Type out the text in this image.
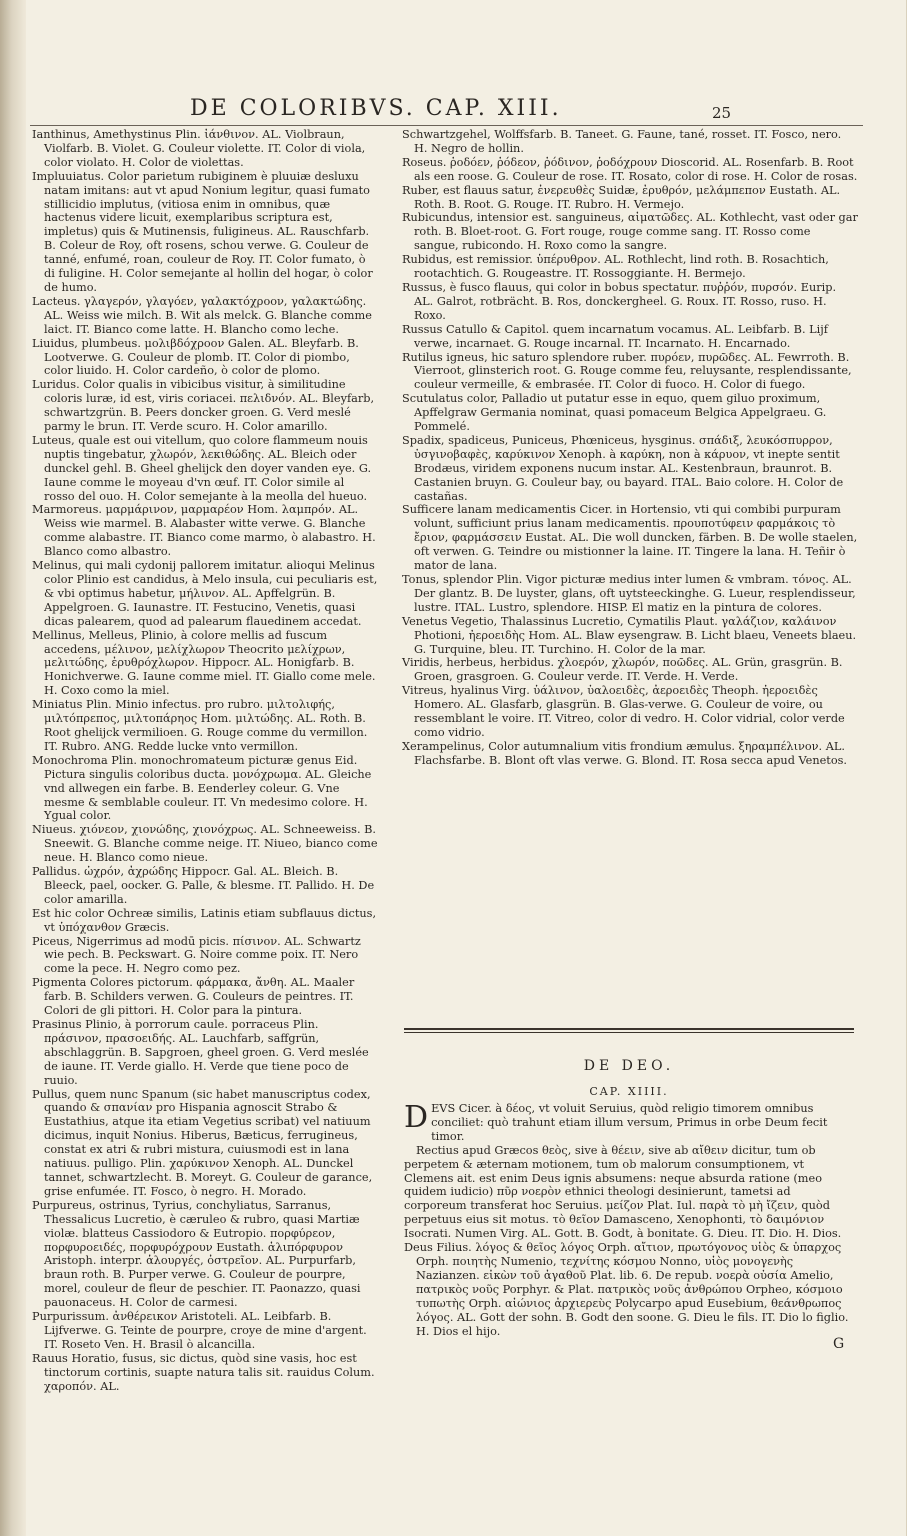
DE COLORIBVS. CAP. XIII.	25

Ianthinus, Amethystinus Plin. ἰάνθινον. AL. Violbraun, Violfarb. B. Violet. G. Couleur violette. IT. Color di viola, color violato. H. Color de violettas.

Impluuiatus. Color parietum rubiginem è pluuiæ desluxu natam imitans: aut vt apud Nonium legitur, quasi fumato stillicidio implutus, (vitiosa enim in omnibus, quæ hactenus videre licuit, exemplaribus scriptura est, impletus) quis & Mutinensis, fuligineus. AL. Rauschfarb. B. Coleur de Roy, oft rosens, schou verwe. G. Couleur de tanné, enfumé, roan, couleur de Roy. IT. Color fumato, ò di fuligine. H. Color semejante al hollin del hogar, ò color de humo.

Lacteus. γλαγερόν, γλαγόεν, γαλακτόχροον, γαλακτώδης. AL. Weiss wie milch. B. Wit als melck. G. Blanche comme laict. IT. Bianco come latte. H. Blancho como leche.

Liuidus, plumbeus. μολιβδόχροον Galen. AL. Bleyfarb. B. Lootverwe. G. Couleur de plomb. IT. Color di piombo, color liuido. H. Color cardeño, ò color de plomo.

Luridus. Color qualis in vibicibus visitur, à similitudine coloris luræ, id est, viris coriacei. πελιδνόν. AL. Bleyfarb, schwartzgrün. B. Peers doncker groen. G. Verd meslé parmy le brun. IT. Verde scuro. H. Color amarillo.

Luteus, quale est oui vitellum, quo colore flammeum nouis nuptis tingebatur, χλωρόν, λεκιθώδης. AL. Bleich oder dunckel gehl. B. Gheel ghelijck den doyer vanden eye. G. Iaune comme le moyeau d'vn œuf. IT. Color simile al rosso del ouo. H. Color semejante à la meolla del hueuo.

Marmoreus. μαρμάρινον, μαρμαρέον Hom. λαμπρόν. AL. Weiss wie marmel. B. Alabaster witte verwe. G. Blanche comme alabastre. IT. Bianco come marmo, ò alabastro. H. Blanco como albastro.

Melinus, qui mali cydonij pallorem imitatur. alioqui Melinus color Plinio est candidus, à Melo insula, cui peculiaris est, & vbi optimus habetur, μήλινον. AL. Apffelgrün. B. Appelgroen. G. Iaunastre. IT. Festucino, Venetis, quasi dicas palearem, quod ad palearum flauedinem accedat.

Mellinus, Melleus, Plinio, à colore mellis ad fuscum accedens, μέλινον, μελίχλωρον Theocrito μελίχρων, μελιτώδης, ἐρυθρόχλωρον. Hippocr. AL. Honigfarb. B. Honichverwe. G. Iaune comme miel. IT. Giallo come mele. H. Coxo como la miel.

Miniatus Plin. Minio infectus. pro rubro. μιλτολιφής, μιλτόπρεπος, μιλτοπάρηος Hom. μιλτώδης. AL. Roth. B. Root ghelijck vermilioen. G. Rouge comme du vermillon. IT. Rubro. ANG. Redde lucke vnto vermillon.

Monochroma Plin. monochromateum picturæ genus Eid. Pictura singulis coloribus ducta. μονόχρωμα. AL. Gleiche vnd allwegen ein farbe. B. Eenderley coleur. G. Vne mesme & semblable couleur. IT. Vn medesimo colore. H. Ygual color.

Niueus. χιόνεον, χιονώδης, χιονόχρως. AL. Schneeweiss. B. Sneewit. G. Blanche comme neige. IT. Niueo, bianco come neue. H. Blanco como nieue.

Pallidus. ὠχρόν, ἀχρώδης Hippocr. Gal. AL. Bleich. B. Bleeck, pael, oocker. G. Palle, & blesme. IT. Pallido. H. De color amarilla.

Est hic color Ochreæ similis, Latinis etiam subflauus dictus, vt ὑπόχανθον Græcis.

Piceus, Nigerrimus ad modū picis. πίσινον. AL. Schwartz wie pech. B. Peckswart. G. Noire comme poix. IT. Nero come la pece. H. Negro como pez.

Pigmenta Colores pictorum. φάρμακα, ἄνθη. AL. Maaler farb. B. Schilders verwen. G. Couleurs de peintres. IT. Colori de gli pittori. H. Color para la pintura.

Prasinus Plinio, à porrorum caule. porraceus Plin. πράσινον, πρασοειδής. AL. Lauchfarb, saffgrün, abschlaggrün. B. Sapgroen, gheel groen. G. Verd meslée de iaune. IT. Verde giallo. H. Verde que tiene poco de ruuio.

Pullus, quem nunc Spanum (sic habet manuscriptus codex, quando & σπανίαν pro Hispania agnoscit Strabo & Eustathius, atque ita etiam Vegetius scribat) vel natiuum dicimus, inquit Nonius. Hiberus, Bæticus, ferrugineus, constat ex atri & rubri mistura, cuiusmodi est in lana natiuus. pulligo. Plin. χαρύκινον Xenoph. AL. Dunckel tannet, schwartzlecht. B. Moreyt. G. Couleur de garance, grise enfumée. IT. Fosco, ò negro. H. Morado.

Purpureus, ostrinus, Tyrius, conchyliatus, Sarranus, Thessalicus Lucretio, è cæruleo & rubro, quasi Martiæ violæ. blatteus Cassiodoro & Eutropio. πορφύρεον, πορφυροειδές, πορφυρόχρουν Eustath. ἁλιπόρφυρον Aristoph. interpr. ἁλουργές, ὀστρεῖον. AL. Purpurfarb, braun roth. B. Purper verwe. G. Couleur de pourpre, morel, couleur de fleur de peschier. IT. Paonazzo, quasi pauonaceus. H. Color de carmesi.

Purpurissum. ἀνθέρεικον Aristoteli. AL. Leibfarb. B. Lijfverwe. G. Teinte de pourpre, croye de mine d'argent. IT. Roseto Ven. H. Brasil ò alcancilla.

Rauus Horatio, fusus, sic dictus, quòd sine vasis, hoc est tinctorum cortinis, suapte natura talis sit. rauidus Colum. χαροπόν. AL.

Schwartzgehel, Wolffsfarb. B. Taneet. G. Faune, tané, rosset. IT. Fosco, nero. H. Negro de hollin.

Roseus. ῥοδόεν, ῥόδεον, ῥόδινον, ῥοδόχρουν Dioscorid. AL. Rosenfarb. B. Root als een roose. G. Couleur de rose. IT. Rosato, color di rose. H. Color de rosas.

Ruber, est flauus satur, ἐνερευθὲς Suidæ, ἐρυθρόν, μελάμπεπον Eustath. AL. Roth. B. Root. G. Rouge. IT. Rubro. H. Vermejo.

Rubicundus, intensior est. sanguineus, αἱματῶδες. AL. Kothlecht, vast oder gar roth. B. Bloet-root. G. Fort rouge, rouge comme sang. IT. Rosso come sangue, rubicondo. H. Roxo como la sangre.

Rubidus, est remissior. ὑπέρυθρον. AL. Rothlecht, lind roth. B. Rosachtich, rootachtich. G. Rougeastre. IT. Rossoggiante. H. Bermejo.

Russus, è fusco flauus, qui color in bobus spectatur. πυῤῥόν, πυρσόν. Eurip. AL. Galrot, rotbrächt. B. Ros, donckergheel. G. Roux. IT. Rosso, ruso. H. Roxo.

Russus Catullo & Capitol. quem incarnatum vocamus. AL. Leibfarb. B. Lijf verwe, incarnaet. G. Rouge incarnal. IT. Incarnato. H. Encarnado.

Rutilus igneus, hic saturo splendore ruber. πυρόεν, πυρῶδες. AL. Fewrroth. B. Vierroot, glinsterich root. G. Rouge comme feu, reluysante, resplendissante, couleur vermeille, & embrasée. IT. Color di fuoco. H. Color di fuego.

Scutulatus color, Palladio ut putatur esse in equo, quem giluo proximum, Apffelgraw Germania nominat, quasi pomaceum Belgica Appelgraeu. G. Pommelé.

Spadix, spadiceus, Puniceus, Phœniceus, hysginus. σπάδιξ, λευκόσπυρρον, ὑσγινοβαφὲς, καρύκινον Xenoph. à καρύκη, non à κάρυον, vt inepte sentit Brodæus, viridem exponens nucum instar. AL. Kestenbraun, braunrot. B. Castanien bruyn. G. Couleur bay, ou bayard. ITAL. Baio colore. H. Color de castañas.

Sufficere lanam medicamentis Cicer. in Hortensio, vti qui combibi purpuram volunt, sufficiunt prius lanam medicamentis. προυποτύφειν φαρμάκοις τὸ ἔριον, φαρμάσσειν Eustat. AL. Die woll duncken, färben. B. De wolle staelen, oft verwen. G. Teindre ou mistionner la laine. IT. Tingere la lana. H. Teñir ò mator de lana.

Tonus, splendor Plin. Vigor picturæ medius inter lumen & vmbram. τόνος. AL. Der glantz. B. De luyster, glans, oft uytsteeckinghe. G. Lueur, resplendisseur, lustre. ITAL. Lustro, splendore. HISP. El matiz en la pintura de colores.

Venetus Vegetio, Thalassinus Lucretio, Cymatilis Plaut. γαλάζιον, καλάινον Photioni, ἠεροειδὴς Hom. AL. Blaw eysengraw. B. Licht blaeu, Veneets blaeu. G. Turquine, bleu. IT. Turchino. H. Color de la mar.

Viridis, herbeus, herbidus. χλοερόν, χλωρόν, ποῶδες. AL. Grün, grasgrün. B. Groen, grasgroen. G. Couleur verde. IT. Verde. H. Verde.

Vitreus, hyalinus Virg. ὑάλινον, ὑαλοειδὲς, ἀεροειδὲς Theoph. ἠεροειδὲς Homero. AL. Glasfarb, glasgrün. B. Glas-verwe. G. Couleur de voire, ou ressemblant le voire. IT. Vitreo, color di vedro. H. Color vidrial, color verde como vidrio.

Xerampelinus, Color autumnalium vitis frondium æmulus. ξηραμπέλινον. AL. Flachsfarbe. B. Blont oft vlas verwe. G. Blond. IT. Rosa secca apud Venetos.

DE DEO.
CAP. XIIII.

DEVS Cicer. à δέος, vt voluit Seruius, quòd religio timorem omnibus conciliet: quò trahunt etiam illum versum, Primus in orbe Deum fecit timor.

Rectius apud Græcos θεὸς, sive à θέειν, sive ab αἴθειν dicitur, tum ob perpetem & æternam motionem, tum ob malorum consumptionem, vt Clemens ait. est enim Deus ignis absumens: neque absurda ratione (meo quidem iudicio) πῦρ νοερὸν ethnici theologi desinierunt, tametsi ad corporeum transferat hoc Seruius. μείζον Plat. Iul. παρὰ τὸ μὴ ἴζειν, quòd perpetuus eius sit motus. τὸ θεῖον Damasceno, Xenophonti, τὸ δαιμόνιον Isocrati. Numen Virg. AL. Gott. B. Godt, à bonitate. G. Dieu. IT. Dio. H. Dios.

Deus Filius. λόγος & θεῖος λόγος Orph. αἴτιον, πρωτόγονος υἱὸς & ὑπαρχος Orph. ποιητὴς Numenio, τεχνίτης κόσμου Nonno, υἱὸς μονογενὴς Nazianzen. εἰκὼν τοῦ ἀγαθοῦ Plat. lib. 6. De repub. νοερὰ οὐσία Amelio, πατρικὸς νοῦς Porphyr. & Plat. πατρικὸς νοῦς ἀνθρώπου Orpheo, κόσμοιο τυπωτὴς Orph. αἰώνιος ἀρχιερεὺς Polycarpo apud Eusebium, θεάνθρωπος λόγος. AL. Gott der sohn. B. Godt den soone. G. Dieu le fils. IT. Dio lo figlio. H. Dios el hijo.

G
